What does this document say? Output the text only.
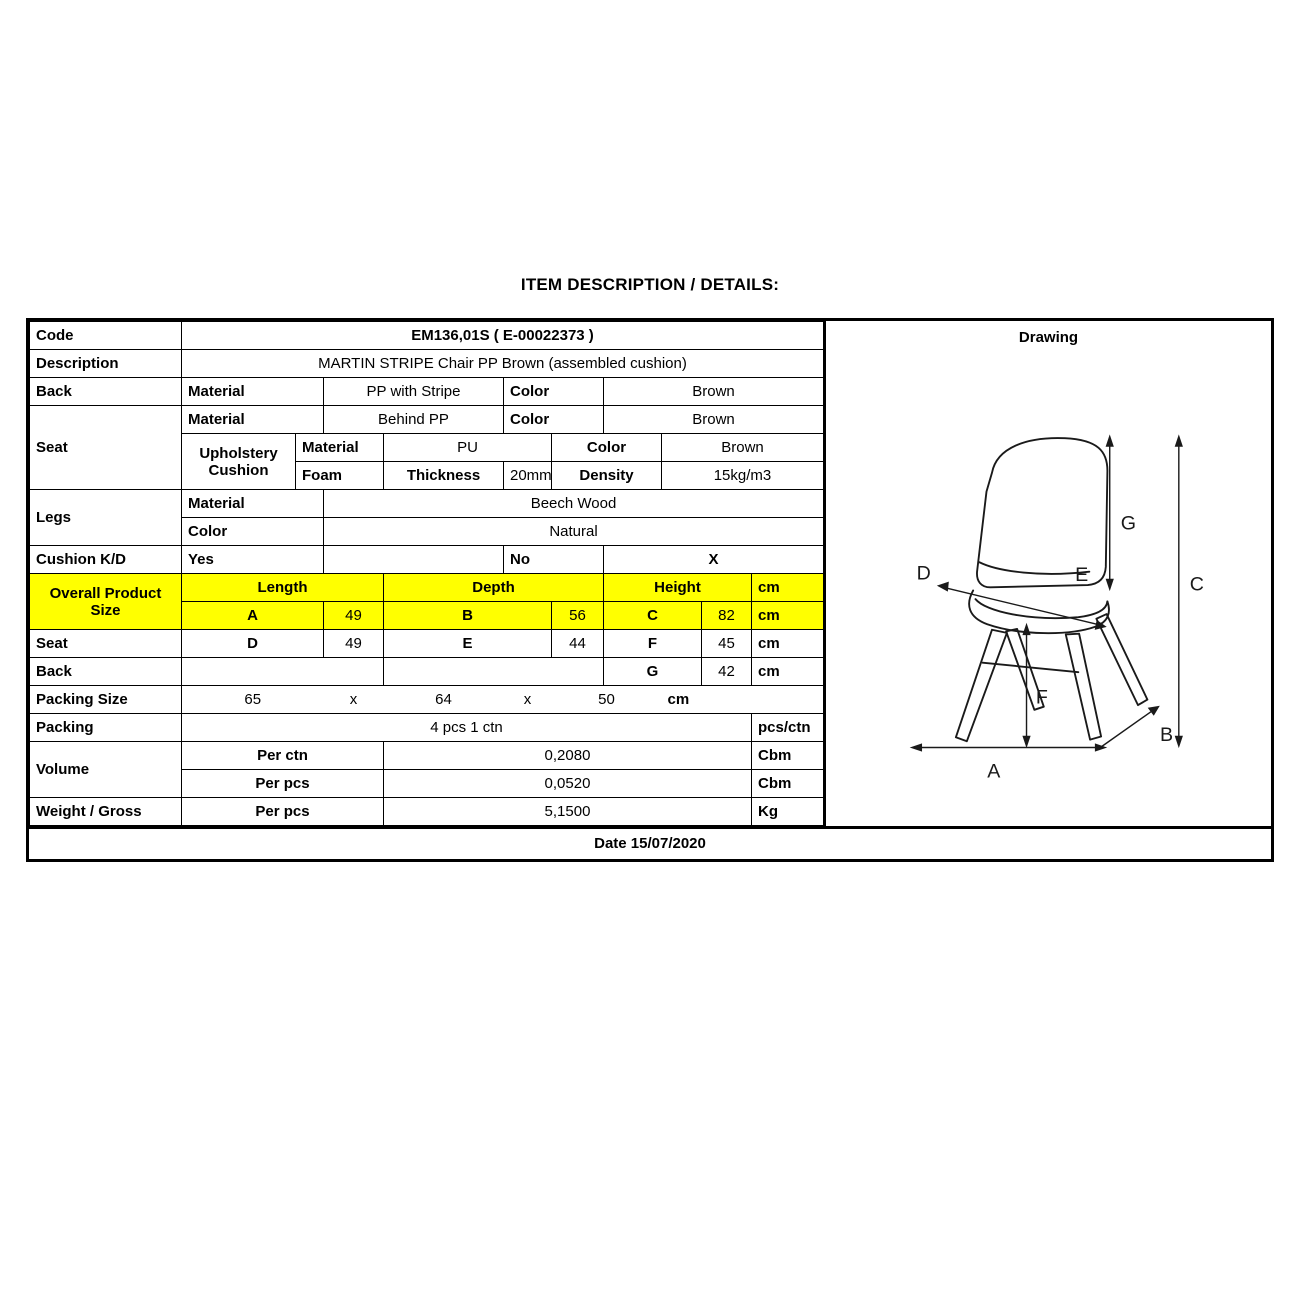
ITEM DESCRIPTION / DETAILS:
Code	EM136,01S ( E-00022373 )									
Description	MARTIN STRIPE Chair PP Brown (assembled cushion)									
Back	Material		PP with Stripe		Color		Brown			
Seat	Material		Behind PP		Color		Brown			
	Upholstery Cushion	Material		PU		Color		Brown		
		Foam		Thickness	20mm	Density		15kg/m3		
Legs	Material		Beech Wood							
	Color		Natural							
Cushion K/D	Yes				No		X			
Overall Product Size	Length			Depth			Height			cm
	A		49	B		56	C		82	cm
Seat	D		49	E		44	F		45	cm
Back							G		42	cm
Packing Size	65		x	64	x	50		cm		
Packing	4 pcs 1 ctn									pcs/ctn
Volume	Per ctn			0,2080						Cbm
	Per pcs			0,0520						Cbm
Weight / Gross	Per pcs			5,1500						Kg
Drawing
C
G
F
D	E
A
B
Date 15/07/2020
